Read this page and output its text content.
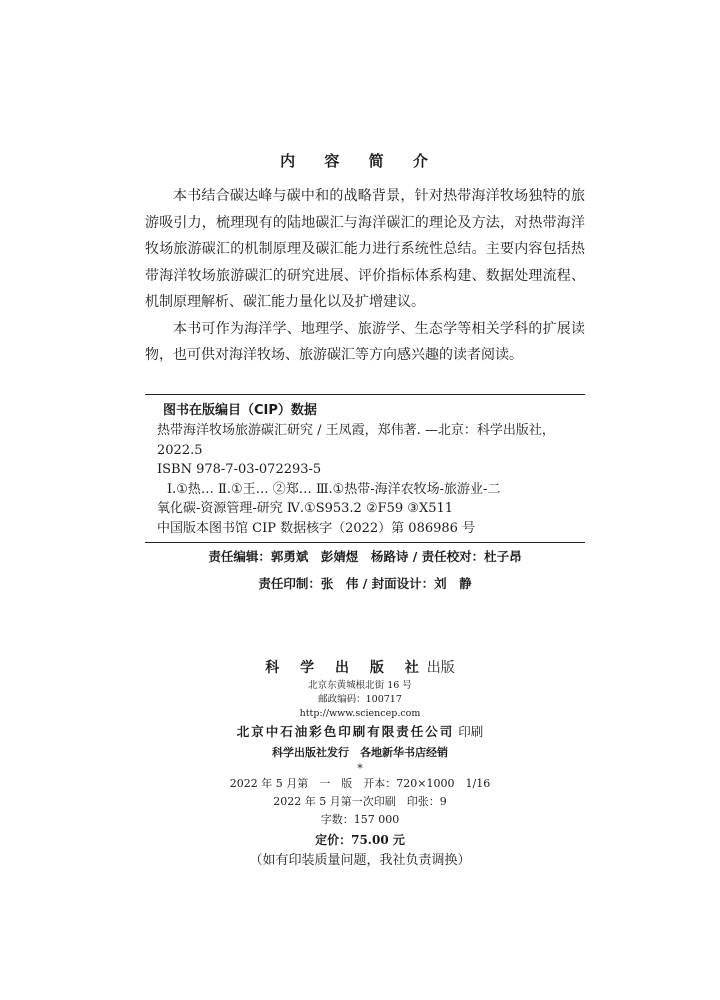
内 容 简 介

本书结合碳达峰与碳中和的战略背景，针对热带海洋牧场独特的旅游吸引力，梳理现有的陆地碳汇与海洋碳汇的理论及方法，对热带海洋牧场旅游碳汇的机制原理及碳汇能力进行系统性总结。主要内容包括热带海洋牧场旅游碳汇的研究进展、评价指标体系构建、数据处理流程、机制原理解析、碳汇能力量化以及扩增建议。

本书可作为海洋学、地理学、旅游学、生态学等相关学科的扩展读物，也可供对海洋牧场、旅游碳汇等方向感兴趣的读者阅读。

图书在版编目（CIP）数据
热带海洋牧场旅游碳汇研究 / 王凤霞，郑伟著. —北京：科学出版社，
2022.5
ISBN 978-7-03-072293-5
Ⅰ.①热… Ⅱ.①王… ②郑… Ⅲ.①热带-海洋农牧场-旅游业-二
氧化碳-资源管理-研究 Ⅳ.①S953.2 ②F59 ③X511
中国版本图书馆 CIP 数据核字（2022）第 086986 号
责任编辑：郭勇斌　彭婧煜　杨路诗 / 责任校对：杜子昂
责任印制：张　伟 / 封面设计：刘　静
科 学 出 版 社出版
北京东黄城根北街 16 号
邮政编码：100717
http://www.sciencep.com
北京中石油彩色印刷有限责任公司 印刷
科学出版社发行　各地新华书店经销
*
2022 年 5 月第　一　版　开本：720×1000　1/16
2022 年 5 月第一次印刷　印张：9
字数：157 000
定价：75.00 元
（如有印装质量问题，我社负责调换）
